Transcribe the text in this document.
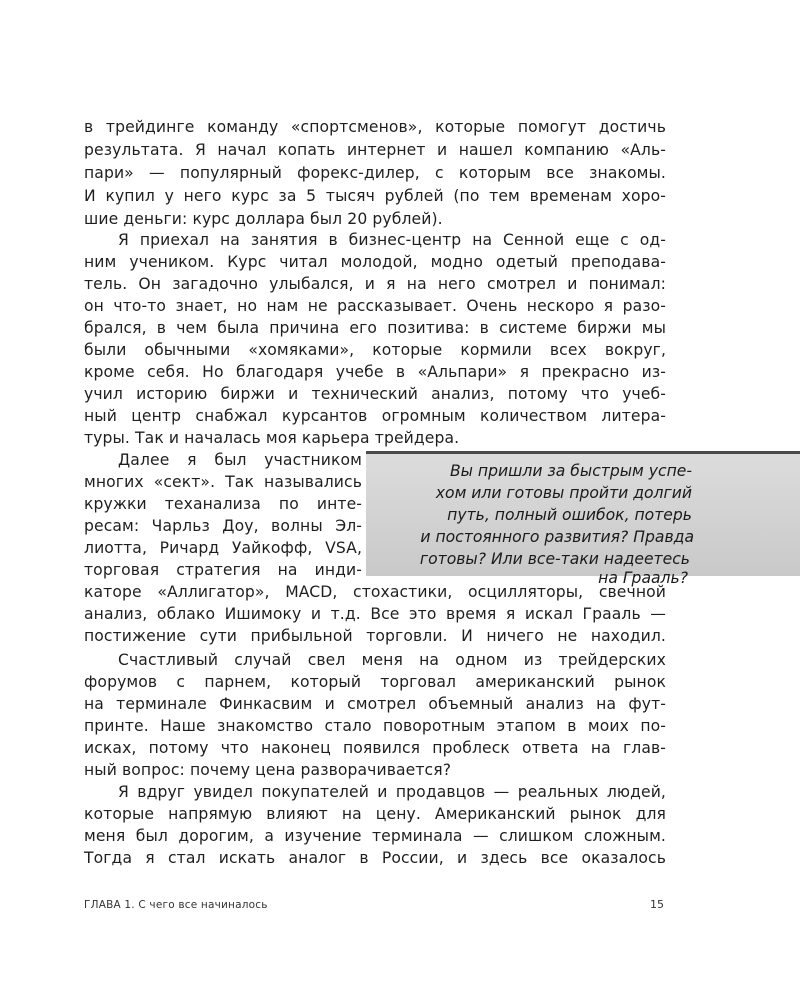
в трейдинге команду «спортсменов», которые помогут достичь
результата. Я начал копать интернет и нашел компанию «Аль-
пари» — популярный форекс-дилер, с которым все знакомы.
И купил у него курс за 5 тысяч рублей (по тем временам хоро-
шие деньги: курс доллара был 20 рублей).
Я приехал на занятия в бизнес-центр на Сенной еще с од-
ним учеником. Курс читал молодой, модно одетый преподава-
тель. Он загадочно улыбался, и я на него смотрел и понимал:
он что-то знает, но нам не рассказывает. Очень нескоро я разо-
брался, в чем была причина его позитива: в системе биржи мы
были обычными «хомяками», которые кормили всех вокруг,
кроме себя. Но благодаря учебе в «Альпари» я прекрасно из-
учил историю биржи и технический анализ, потому что учеб-
ный центр снабжал курсантов огромным количеством литера-
туры. Так и началась моя карьера трейдера.
Далее я был участником
многих «сект». Так назывались
кружки теханализа по инте-
ресам: Чарльз Доу, волны Эл-
лиотта, Ричард Уайкофф, VSA,
торговая стратегия на инди-
каторе «Аллигатор», MACD, стохастики, осцилляторы, свечной
анализ, облако Ишимоку и т.д. Все это время я искал Грааль —
постижение сути прибыльной торговли. И ничего не находил.
Счастливый случай свел меня на одном из трейдерских
форумов с парнем, который торговал американский рынок
на терминале Финкасвим и смотрел объемный анализ на фут-
принте. Наше знакомство стало поворотным этапом в моих по-
исках, потому что наконец появился проблеск ответа на глав-
ный вопрос: почему цена разворачивается?
Я вдруг увидел покупателей и продавцов — реальных людей,
которые напрямую влияют на цену. Американский рынок для
меня был дорогим, а изучение терминала — слишком сложным.
Тогда я стал искать аналог в России, и здесь все оказалось
Вы пришли за быстрым успе-
хом или готовы пройти долгий
путь, полный ошибок, потерь
и постоянного развития? Правда
готовы? Или все-таки надеетесь
на Грааль?
ГЛАВА 1. С чего все начиналось	15
